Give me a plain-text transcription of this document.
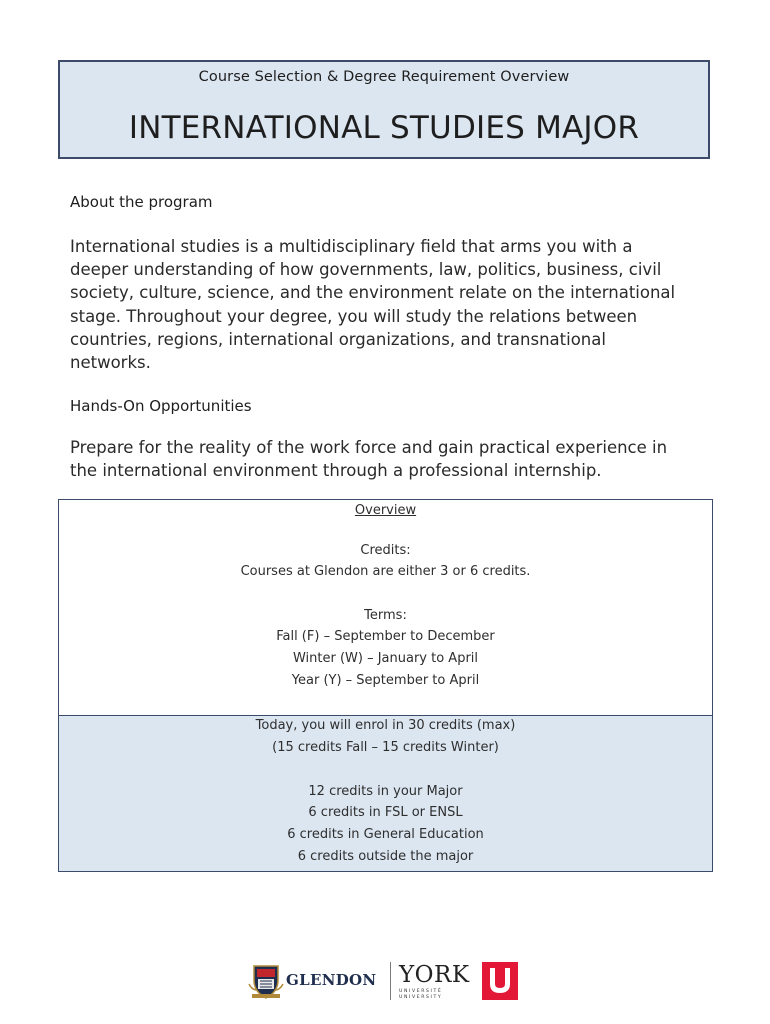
Course Selection & Degree Requirement Overview
INTERNATIONAL STUDIES MAJOR
About the program
International studies is a multidisciplinary field that arms you with a
deeper understanding of how governments, law, politics, business, civil
society, culture, science, and the environment relate on the international
stage. Throughout your degree, you will study the relations between
countries, regions, international organizations, and transnational
networks.
Hands-On Opportunities
Prepare for the reality of the work force and gain practical experience in
the international environment through a professional internship.
Overview
Credits:
Courses at Glendon are either 3 or 6 credits.
Terms:
Fall (F) – September to December
Winter (W) – January to April
Year (Y) – September to April
Today, you will enrol in 30 credits (max)
(15 credits Fall – 15 credits Winter)
12 credits in your Major
6 credits in FSL or ENSL
6 credits in General Education
6 credits outside the major
GLENDON YORK
UNIVERSITÉ
UNIVERSITY
